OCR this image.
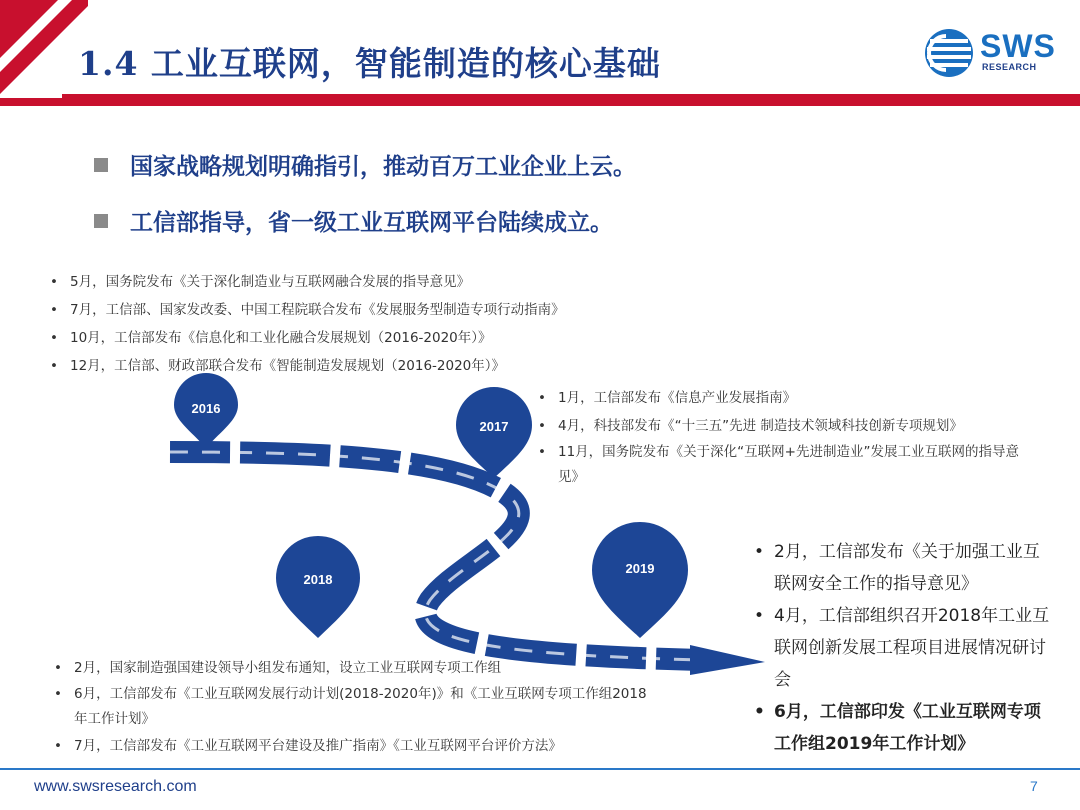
1.4 工业互联网，智能制造的核心基础	SWS
RESEARCH
国家战略规划明确指引，推动百万工业企业上云。
工信部指导，省一级工业互联网平台陆续成立。
2016
2017
2018
2019
• 5月，国务院发布《关于深化制造业与互联网融合发展的指导意见》
• 7月，工信部、国家发改委、中国工程院联合发布《发展服务型制造专项行动指南》
• 10月，工信部发布《信息化和工业化融合发展规划（2016-2020年）》
• 12月，工信部、财政部联合发布《智能制造发展规划（2016-2020年）》
• 1月，工信部发布《信息产业发展指南》
• 4月，科技部发布《“十三五”先进 制造技术领域科技创新专项规划》
• 11月，国务院发布《关于深化“互联网+先进制造业”发展工业互联网的指导意见》
• 2月，国家制造强国建设领导小组发布通知，设立工业互联网专项工作组
• 6月，工信部发布《工业互联网发展行动计划(2018-2020年)》和《工业互联网专项工作组2018年工作计划》
• 7月，工信部发布《工业互联网平台建设及推广指南》《工业互联网平台评价方法》
• 2月，工信部发布《关于加强工业互联网安全工作的指导意见》
• 4月，工信部组织召开2018年工业互联网创新发展工程项目进展情况研讨会
• 6月，工信部印发《工业互联网专项工作组2019年工作计划》
www.swsresearch.com	7
